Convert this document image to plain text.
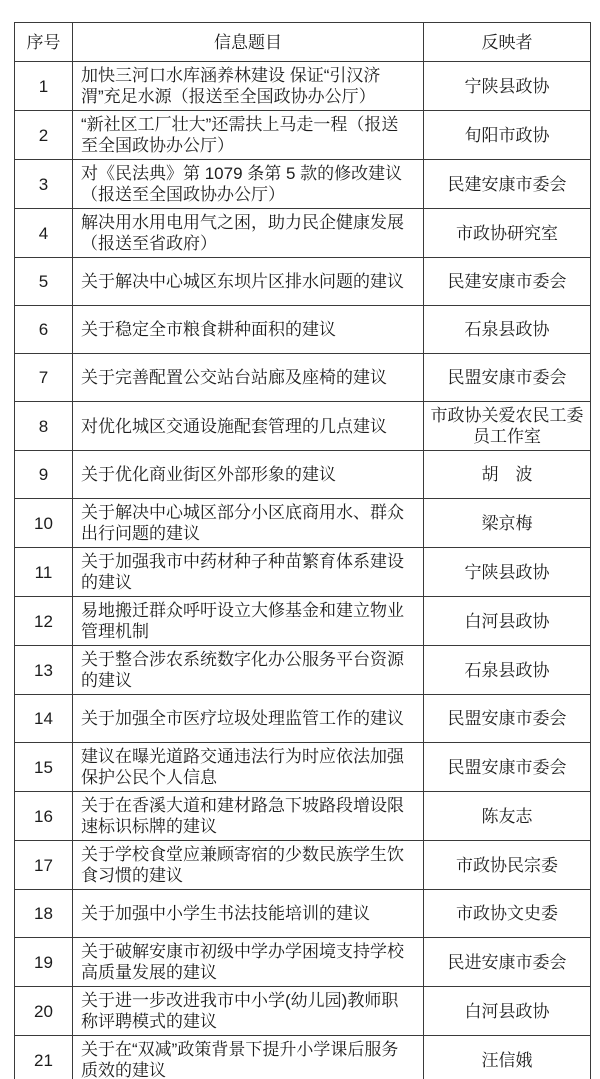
序号	信息题目	反映者
1	加快三河口水库涵养林建设 保证“引汉济渭”充足水源（报送至全国政协办公厅）	宁陕县政协
2	“新社区工厂壮大”还需扶上马走一程（报送至全国政协办公厅）	旬阳市政协
3	对《民法典》第 1079 条第 5 款的修改建议（报送至全国政协办公厅）	民建安康市委会
4	解决用水用电用气之困，助力民企健康发展（报送至省政府）	市政协研究室
5	关于解决中心城区东坝片区排水问题的建议	民建安康市委会
6	关于稳定全市粮食耕种面积的建议	石泉县政协
7	关于完善配置公交站台站廊及座椅的建议	民盟安康市委会
8	对优化城区交通设施配套管理的几点建议	市政协关爱农民工委员工作室
9	关于优化商业街区外部形象的建议	胡　波
10	关于解决中心城区部分小区底商用水、群众出行问题的建议	梁京梅
11	关于加强我市中药材种子种苗繁育体系建设的建议	宁陕县政协
12	易地搬迁群众呼吁设立大修基金和建立物业管理机制	白河县政协
13	关于整合涉农系统数字化办公服务平台资源的建议	石泉县政协
14	关于加强全市医疗垃圾处理监管工作的建议	民盟安康市委会
15	建议在曝光道路交通违法行为时应依法加强保护公民个人信息	民盟安康市委会
16	关于在香溪大道和建材路急下坡路段增设限速标识标牌的建议	陈友志
17	关于学校食堂应兼顾寄宿的少数民族学生饮食习惯的建议	市政协民宗委
18	关于加强中小学生书法技能培训的建议	市政协文史委
19	关于破解安康市初级中学办学困境支持学校高质量发展的建议	民进安康市委会
20	关于进一步改进我市中小学(幼儿园)教师职称评聘模式的建议	白河县政协
21	关于在“双减”政策背景下提升小学课后服务质效的建议	汪信娥
